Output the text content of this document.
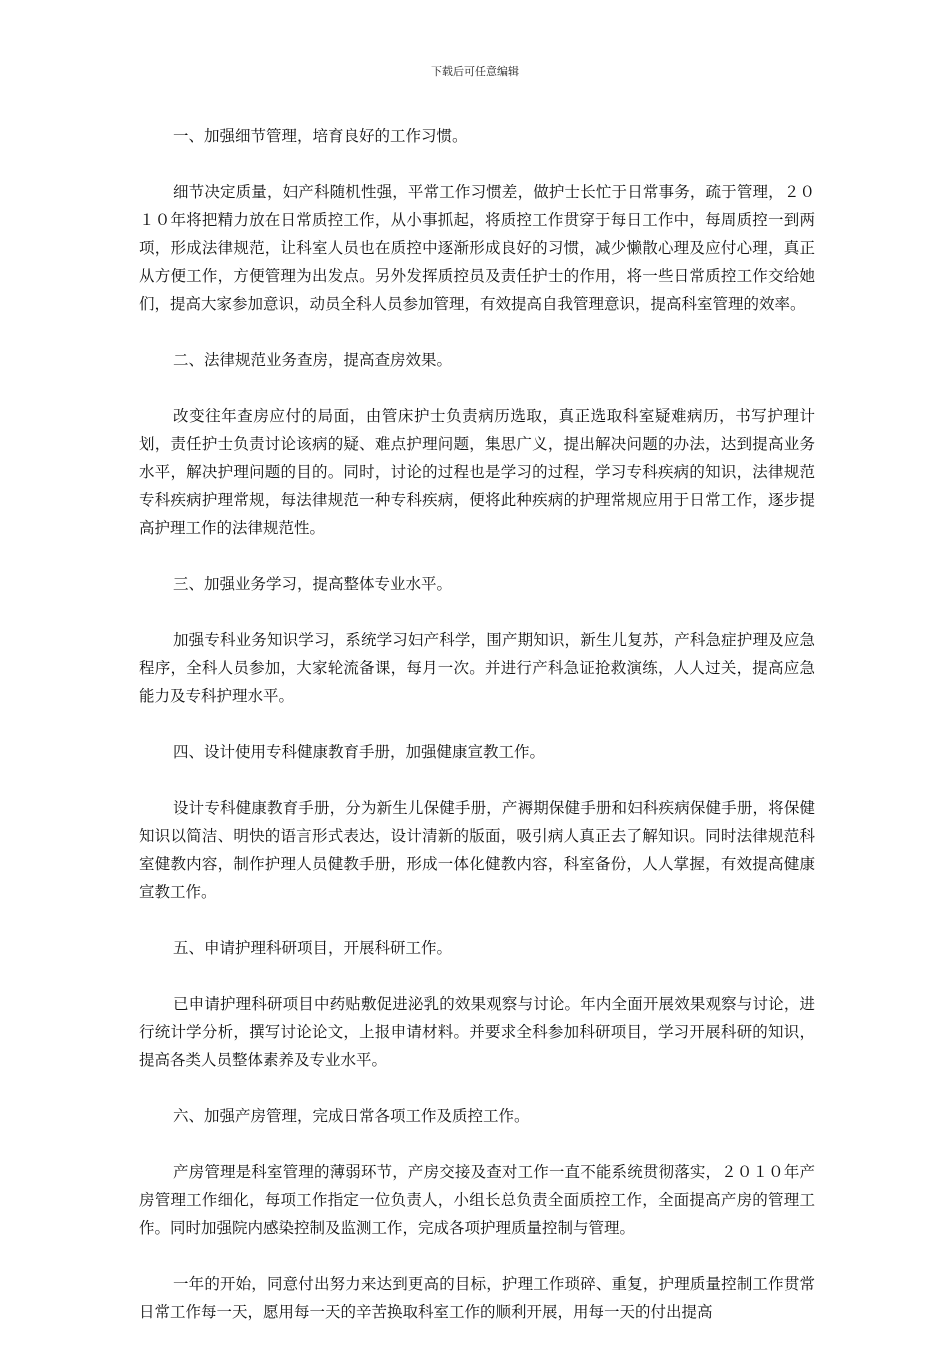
下载后可任意编辑

一、加强细节管理，培育良好的工作习惯。

细节决定质量，妇产科随机性强，平常工作习惯差，做护士长忙于日常事务，疏于管理，２０１０年将把精力放在日常质控工作，从小事抓起，将质控工作贯穿于每日工作中，每周质控一到两项，形成法律规范，让科室人员也在质控中逐渐形成良好的习惯，减少懒散心理及应付心理，真正从方便工作，方便管理为出发点。另外发挥质控员及责任护士的作用，将一些日常质控工作交给她们，提高大家参加意识，动员全科人员参加管理，有效提高自我管理意识，提高科室管理的效率。

二、法律规范业务查房，提高查房效果。

改变往年查房应付的局面，由管床护士负责病历选取，真正选取科室疑难病历，书写护理计划，责任护士负责讨论该病的疑、难点护理问题，集思广义，提出解决问题的办法，达到提高业务水平，解决护理问题的目的。同时，讨论的过程也是学习的过程，学习专科疾病的知识，法律规范专科疾病护理常规，每法律规范一种专科疾病，便将此种疾病的护理常规应用于日常工作，逐步提高护理工作的法律规范性。

三、加强业务学习，提高整体专业水平。

加强专科业务知识学习，系统学习妇产科学，围产期知识，新生儿复苏，产科急症护理及应急程序，全科人员参加，大家轮流备课，每月一次。并进行产科急证抢救演练，人人过关，提高应急能力及专科护理水平。

四、设计使用专科健康教育手册，加强健康宣教工作。

设计专科健康教育手册，分为新生儿保健手册，产褥期保健手册和妇科疾病保健手册，将保健知识以简洁、明快的语言形式表达，设计清新的版面，吸引病人真正去了解知识。同时法律规范科室健教内容，制作护理人员健教手册，形成一体化健教内容，科室备份，人人掌握，有效提高健康宣教工作。

五、申请护理科研项目，开展科研工作。

已申请护理科研项目中药贴敷促进泌乳的效果观察与讨论。年内全面开展效果观察与讨论，进行统计学分析，撰写讨论论文，上报申请材料。并要求全科参加科研项目，学习开展科研的知识，提高各类人员整体素养及专业水平。

六、加强产房管理，完成日常各项工作及质控工作。

产房管理是科室管理的薄弱环节，产房交接及查对工作一直不能系统贯彻落实，２０１０年产房管理工作细化，每项工作指定一位负责人，小组长总负责全面质控工作，全面提高产房的管理工作。同时加强院内感染控制及监测工作，完成各项护理质量控制与管理。

一年的开始，同意付出努力来达到更高的目标，护理工作琐碎、重复，护理质量控制工作贯常日常工作每一天，愿用每一天的辛苦换取科室工作的顺利开展，用每一天的付出提高
